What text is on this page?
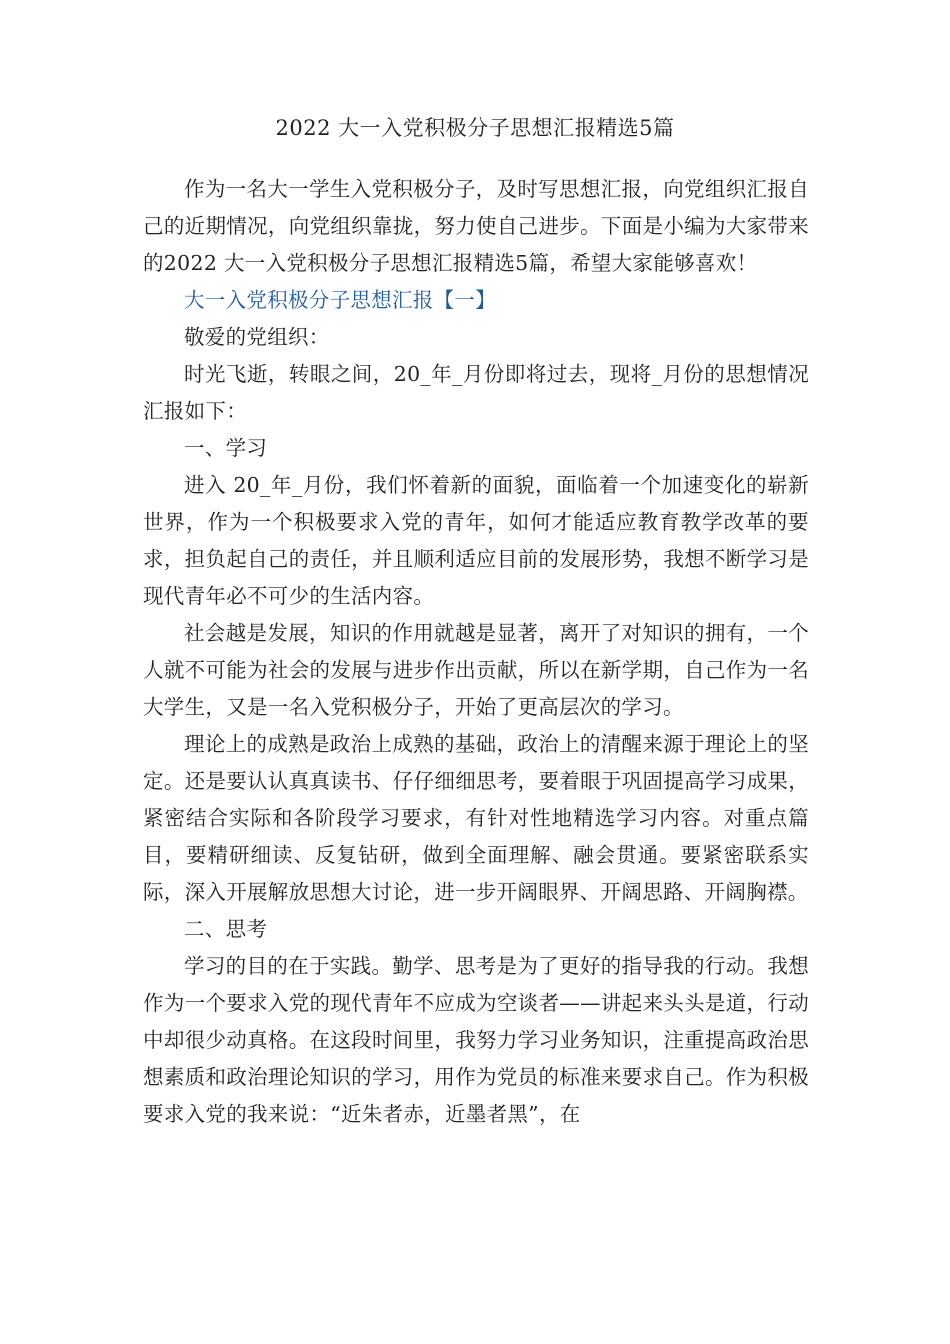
2022 大一入党积极分子思想汇报精选5篇

作为一名大一学生入党积极分子，及时写思想汇报，向党组织汇报自己的近期情况，向党组织靠拢，努力使自己进步。下面是小编为大家带来的2022 大一入党积极分子思想汇报精选5篇，希望大家能够喜欢！

大一入党积极分子思想汇报【一】

敬爱的党组织：

时光飞逝，转眼之间，20_年_月份即将过去，现将_月份的思想情况汇报如下：

一、学习

进入 20_年_月份，我们怀着新的面貌，面临着一个加速变化的崭新世界，作为一个积极要求入党的青年，如何才能适应教育教学改革的要求，担负起自己的责任，并且顺利适应目前的发展形势，我想不断学习是现代青年必不可少的生活内容。

社会越是发展，知识的作用就越是显著，离开了对知识的拥有，一个人就不可能为社会的发展与进步作出贡献，所以在新学期，自己作为一名大学生，又是一名入党积极分子，开始了更高层次的学习。

理论上的成熟是政治上成熟的基础，政治上的清醒来源于理论上的坚定。还是要认认真真读书、仔仔细细思考，要着眼于巩固提高学习成果，紧密结合实际和各阶段学习要求，有针对性地精选学习内容。对重点篇目，要精研细读、反复钻研，做到全面理解、融会贯通。要紧密联系实际，深入开展解放思想大讨论，进一步开阔眼界、开阔思路、开阔胸襟。

二、思考

学习的目的在于实践。勤学、思考是为了更好的指导我的行动。我想作为一个要求入党的现代青年不应成为空谈者——讲起来头头是道，行动中却很少动真格。在这段时间里，我努力学习业务知识，注重提高政治思想素质和政治理论知识的学习，用作为党员的标准来要求自己。作为积极要求入党的我来说：“近朱者赤，近墨者黑”，在
